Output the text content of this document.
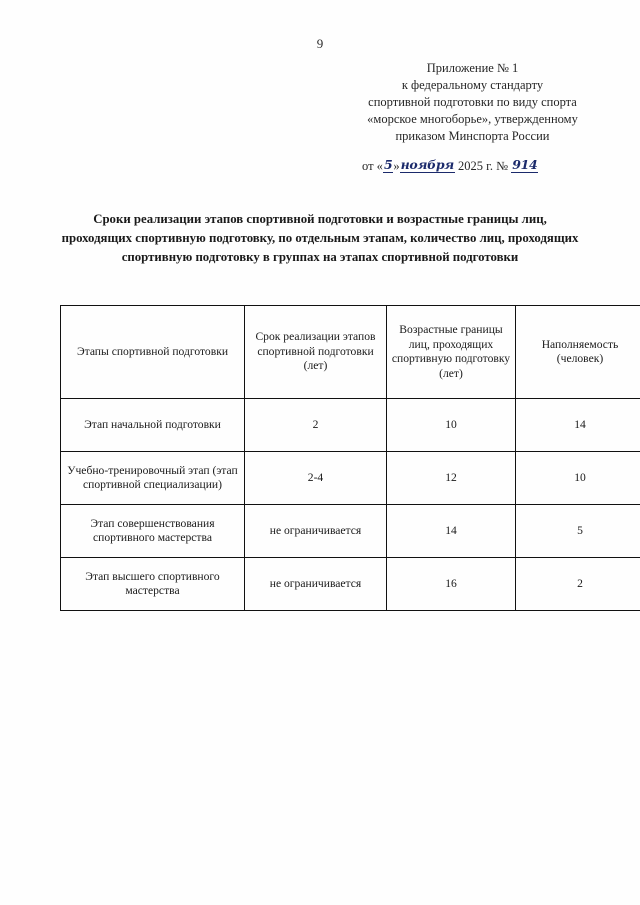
9
Приложение № 1
к федеральному стандарту
спортивной подготовки по виду спорта
«морское многоборье», утвержденному
приказом Минспорта России
от «5»ноября 2025 г. № 914
Сроки реализации этапов спортивной подготовки и возрастные границы лиц, проходящих спортивную подготовку, по отдельным этапам, количество лиц, проходящих спортивную подготовку в группах на этапах спортивной подготовки
Этапы спортивной подготовки	Срок реализации этапов спортивной подготовки (лет)	Возрастные границы лиц, проходящих спортивную подготовку (лет)	Наполняемость (человек)
Этап начальной подготовки	2	10	14
Учебно-тренировочный этап (этап спортивной специализации)	2-4	12	10
Этап совершенствования спортивного мастерства	не ограничивается	14	5
Этап высшего спортивного мастерства	не ограничивается	16	2
